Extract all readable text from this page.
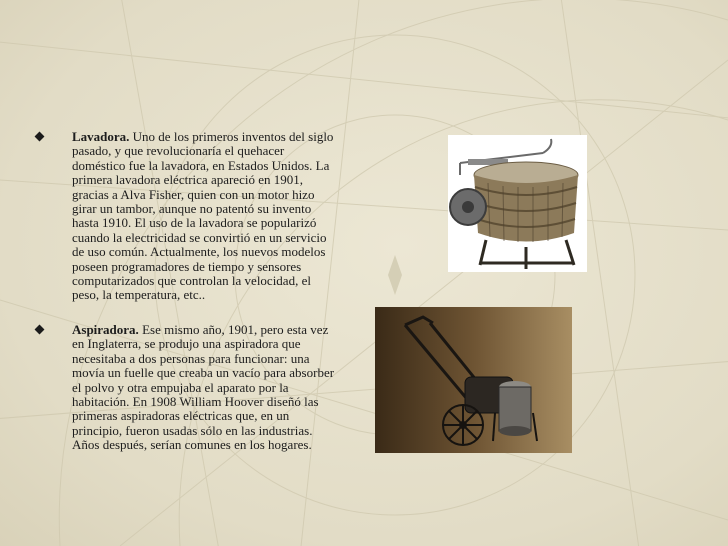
Lavadora. Uno de los primeros inventos del siglo pasado, y que revolucionaría el quehacer doméstico fue la lavadora, en Estados Unidos. La primera lavadora eléctrica apareció en 1901, gracias a Alva Fisher, quien con un motor hizo girar un tambor, aunque no patentó su invento hasta 1910. El uso de la lavadora se popularizó cuando la electricidad se convirtió en un servicio de uso común. Actualmente, los nuevos modelos poseen programadores de tiempo y sensores computarizados que controlan la velocidad, el peso, la temperatura, etc..
Aspiradora. Ese mismo año, 1901, pero esta vez en Inglaterra, se produjo una aspiradora que necesitaba a dos personas para funcionar: una movía un fuelle que creaba un vacío para absorber el polvo y otra empujaba el aparato por la habitación. En 1908 William Hoover diseñó las primeras aspiradoras eléctricas que, en un principio, fueron usadas sólo en las industrias. Años después, serían comunes en los hogares.
